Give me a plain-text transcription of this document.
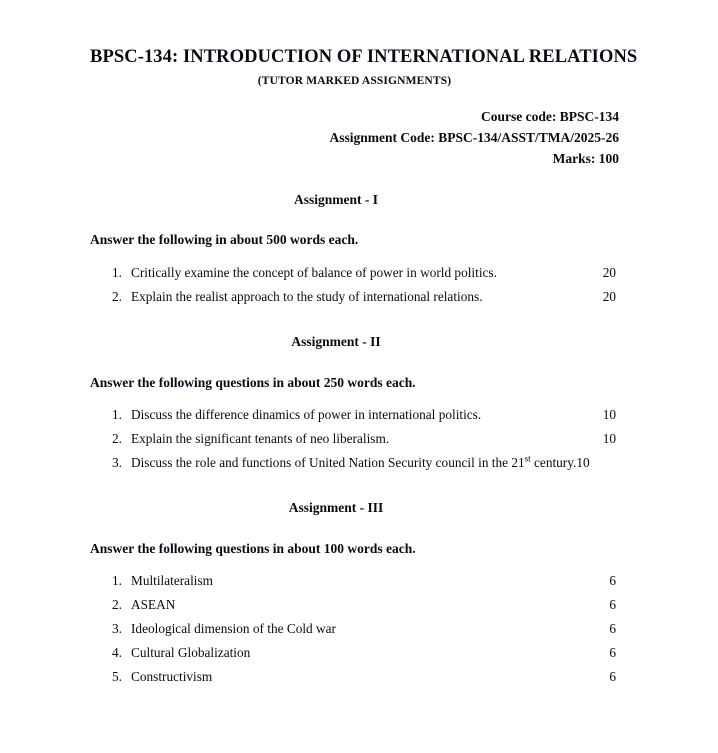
BPSC-134: INTRODUCTION OF INTERNATIONAL RELATIONS
(TUTOR MARKED ASSIGNMENTS)
Course code: BPSC-134
Assignment Code: BPSC-134/ASST/TMA/2025-26
Marks: 100
Assignment - I
Answer the following in about 500 words each.
1. Critically examine the concept of balance of power in world politics.	20
2. Explain the realist approach to the study of international relations.	20
Assignment - II
Answer the following questions in about 250 words each.
1. Discuss the difference dinamics of power in international politics.	10
2. Explain the significant tenants of neo liberalism.	10
3. Discuss the role and functions of United Nation Security council in the 21st century. 10
Assignment - III
Answer the following questions in about 100 words each.
1. Multilateralism	6
2. ASEAN	6
3. Ideological dimension of the Cold war	6
4. Cultural Globalization	6
5. Constructivism	6
